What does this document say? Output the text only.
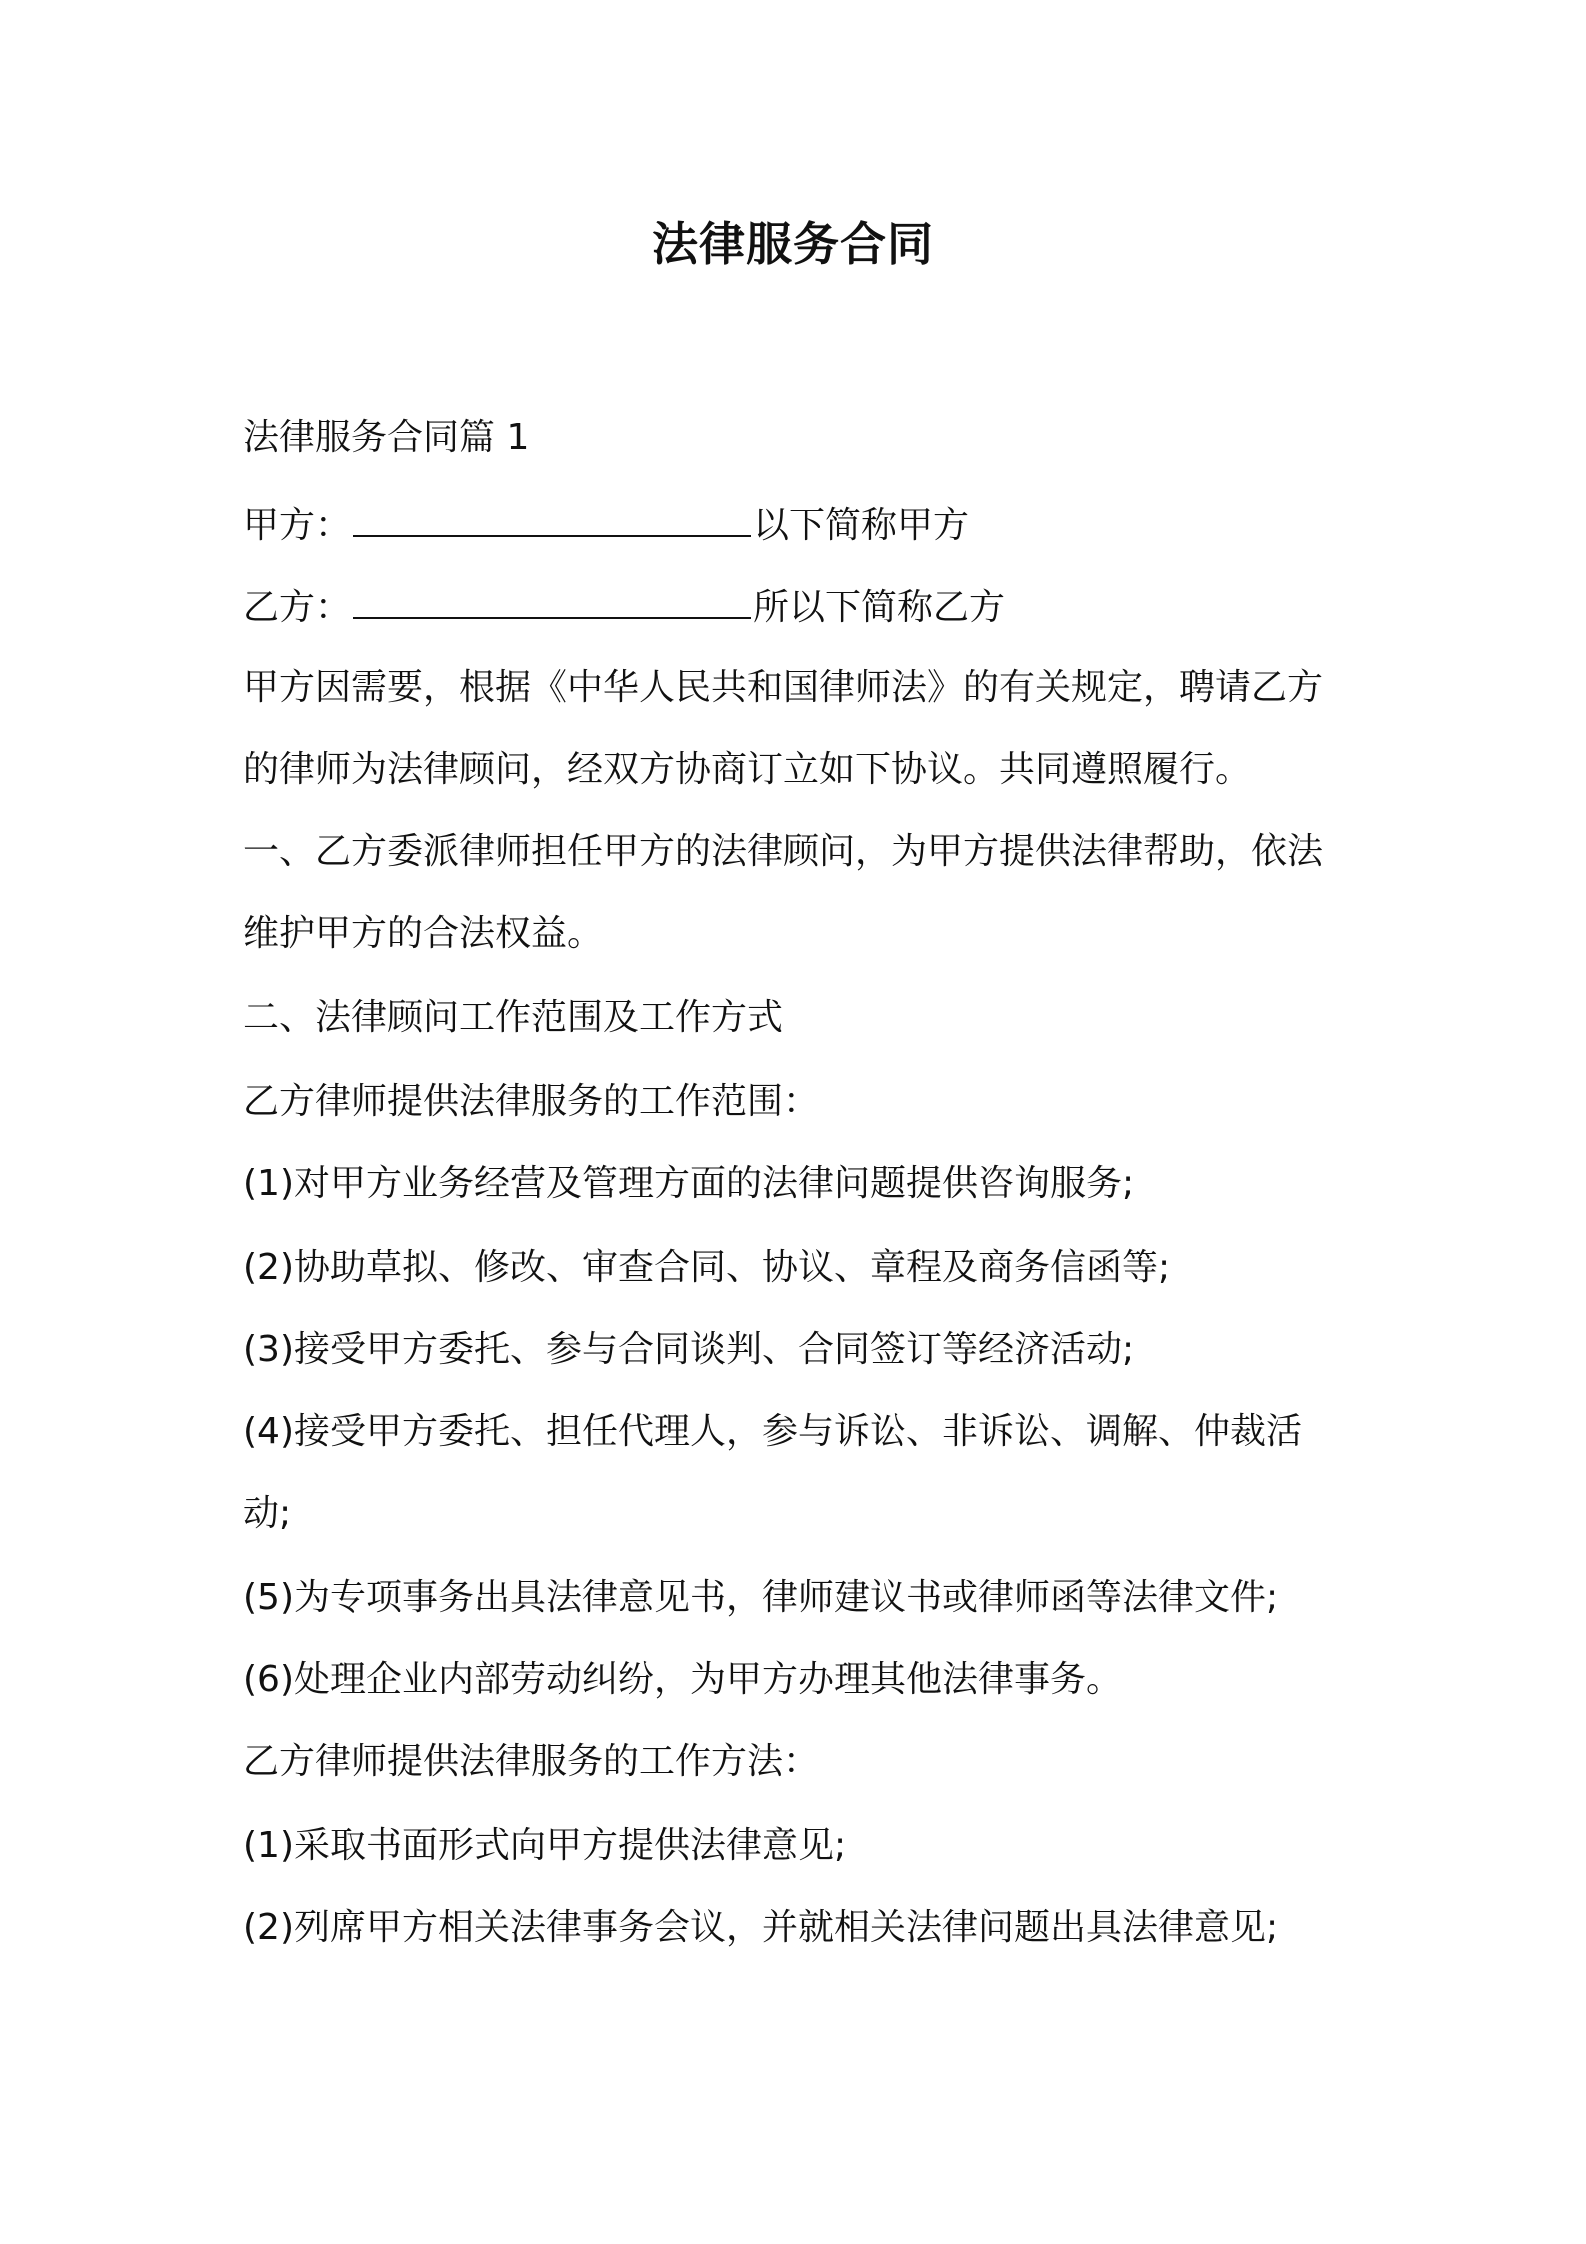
法律服务合同

法律服务合同篇 1

甲方：	以下简称甲方

乙方：	所以下简称乙方

甲方因需要，根据《中华人民共和国律师法》的有关规定，聘请乙方

的律师为法律顾问，经双方协商订立如下协议。共同遵照履行。

一、乙方委派律师担任甲方的法律顾问，为甲方提供法律帮助，依法

维护甲方的合法权益。

二、法律顾问工作范围及工作方式

乙方律师提供法律服务的工作范围：

(1)对甲方业务经营及管理方面的法律问题提供咨询服务;

(2)协助草拟、修改、审查合同、协议、章程及商务信函等;

(3)接受甲方委托、参与合同谈判、合同签订等经济活动;

(4)接受甲方委托、担任代理人，参与诉讼、非诉讼、调解、仲裁活

动;

(5)为专项事务出具法律意见书，律师建议书或律师函等法律文件;

(6)处理企业内部劳动纠纷，为甲方办理其他法律事务。

乙方律师提供法律服务的工作方法：

(1)采取书面形式向甲方提供法律意见;

(2)列席甲方相关法律事务会议，并就相关法律问题出具法律意见;
